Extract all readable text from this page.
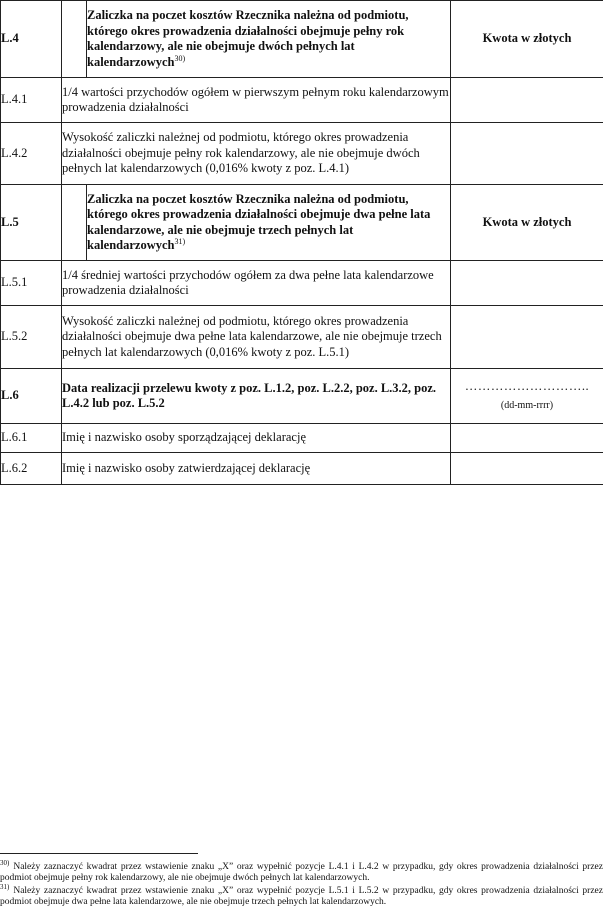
L.4		Zaliczka na poczet kosztów Rzecznika należna od podmiotu, którego okres prowadzenia działalności obejmuje pełny rok kalendarzowy, ale nie obejmuje dwóch pełnych lat kalendarzowych$^{30)}$	Kwota w złotych
L.4.1	1/4 wartości przychodów ogółem w pierwszym pełnym roku kalendarzowym prowadzenia działalności		
L.4.2	Wysokość zaliczki należnej od podmiotu, którego okres prowadzenia działalności obejmuje pełny rok kalendarzowy, ale nie obejmuje dwóch pełnych lat kalendarzowych (0,016% kwoty z poz. L.4.1)		
L.5		Zaliczka na poczet kosztów Rzecznika należna od podmiotu, którego okres prowadzenia działalności obejmuje dwa pełne lata kalendarzowe, ale nie obejmuje trzech pełnych lat kalendarzowych$^{31)}$	Kwota w złotych
L.5.1	1/4 średniej wartości przychodów ogółem za dwa pełne lata kalendarzowe prowadzenia działalności		
L.5.2	Wysokość zaliczki należnej od podmiotu, którego okres prowadzenia działalności obejmuje dwa pełne lata kalendarzowe, ale nie obejmuje trzech pełnych lat kalendarzowych (0,016% kwoty z poz. L.5.1)		
L.6	Data realizacji przelewu kwoty z poz. L.1.2, poz. L.2.2, poz. L.3.2, poz. L.4.2 lub poz. L.5.2		………………………..
(dd-mm-rrrr)

L.6.1	Imię i nazwisko osoby sporządzającej deklarację		
L.6.2	Imię i nazwisko osoby zatwierdzającej deklarację		
$^{30)}$ Należy zaznaczyć kwadrat przez wstawienie znaku „X” oraz wypełnić pozycje L.4.1 i L.4.2 w przypadku, gdy okres prowadzenia działalności przez podmiot obejmuje pełny rok kalendarzowy, ale nie obejmuje dwóch pełnych lat kalendarzowych.
$^{31)}$ Należy zaznaczyć kwadrat przez wstawienie znaku „X” oraz wypełnić pozycje L.5.1 i L.5.2 w przypadku, gdy okres prowadzenia działalności przez podmiot obejmuje dwa pełne lata kalendarzowe, ale nie obejmuje trzech pełnych lat kalendarzowych.
